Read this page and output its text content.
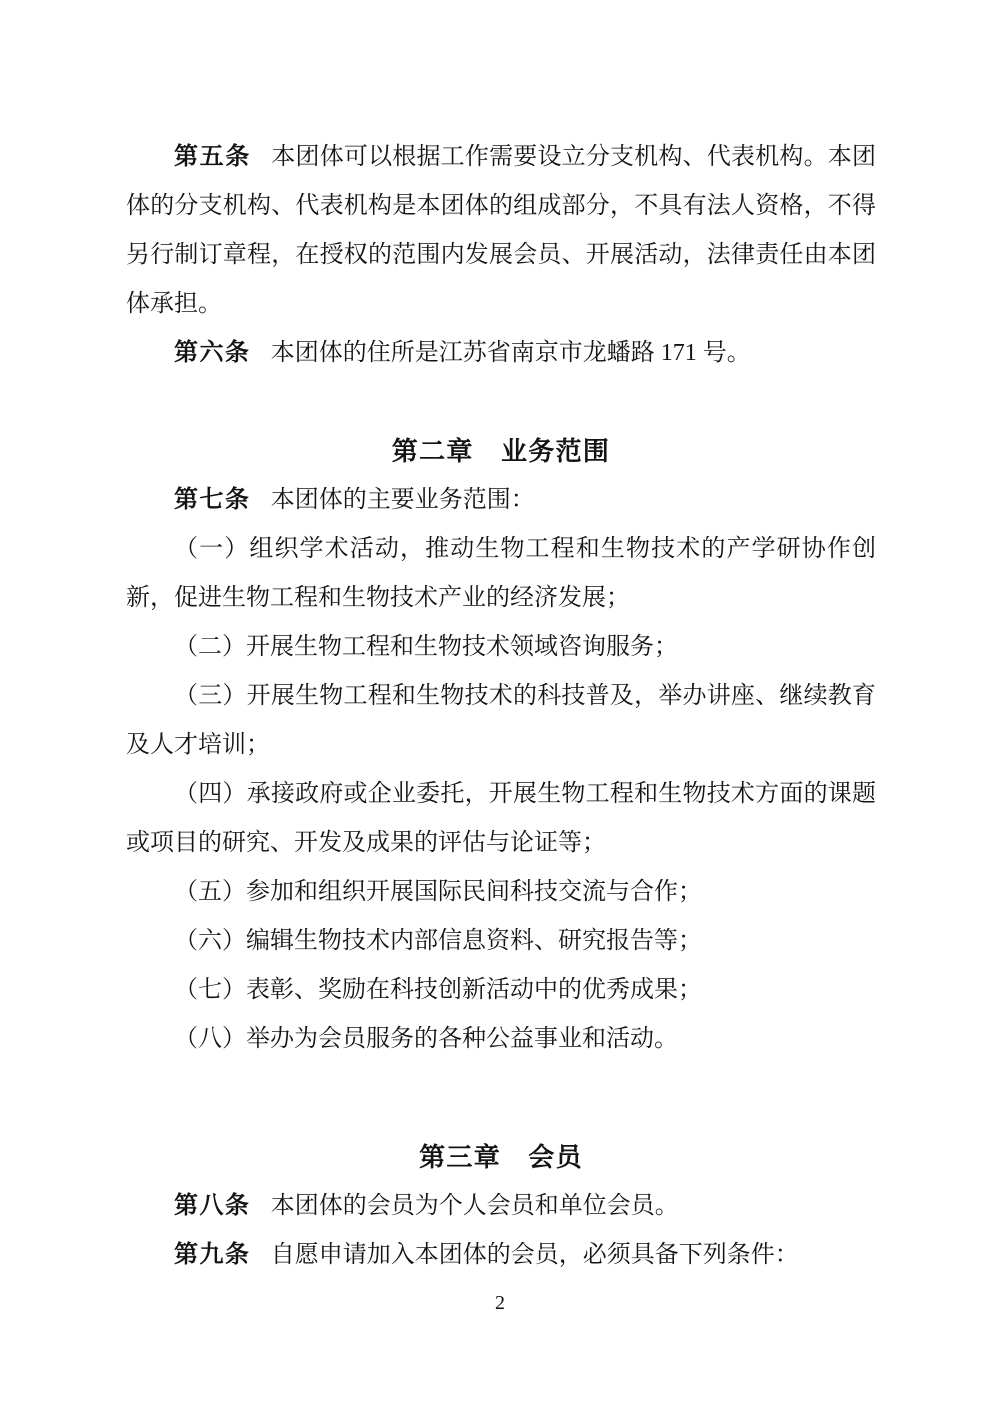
第五条 本团体可以根据工作需要设立分支机构、代表机构。本团体的分支机构、代表机构是本团体的组成部分，不具有法人资格，不得另行制订章程，在授权的范围内发展会员、开展活动，法律责任由本团体承担。

第六条 本团体的住所是江苏省南京市龙蟠路 171 号。

第二章　业务范围

第七条 本团体的主要业务范围：

（一）组织学术活动，推动生物工程和生物技术的产学研协作创新，促进生物工程和生物技术产业的经济发展；

（二）开展生物工程和生物技术领域咨询服务；

（三）开展生物工程和生物技术的科技普及，举办讲座、继续教育及人才培训；

（四）承接政府或企业委托，开展生物工程和生物技术方面的课题或项目的研究、开发及成果的评估与论证等；

（五）参加和组织开展国际民间科技交流与合作；

（六）编辑生物技术内部信息资料、研究报告等；

（七）表彰、奖励在科技创新活动中的优秀成果；

（八）举办为会员服务的各种公益事业和活动。

第三章　会员

第八条 本团体的会员为个人会员和单位会员。

第九条 自愿申请加入本团体的会员，必须具备下列条件：

2
